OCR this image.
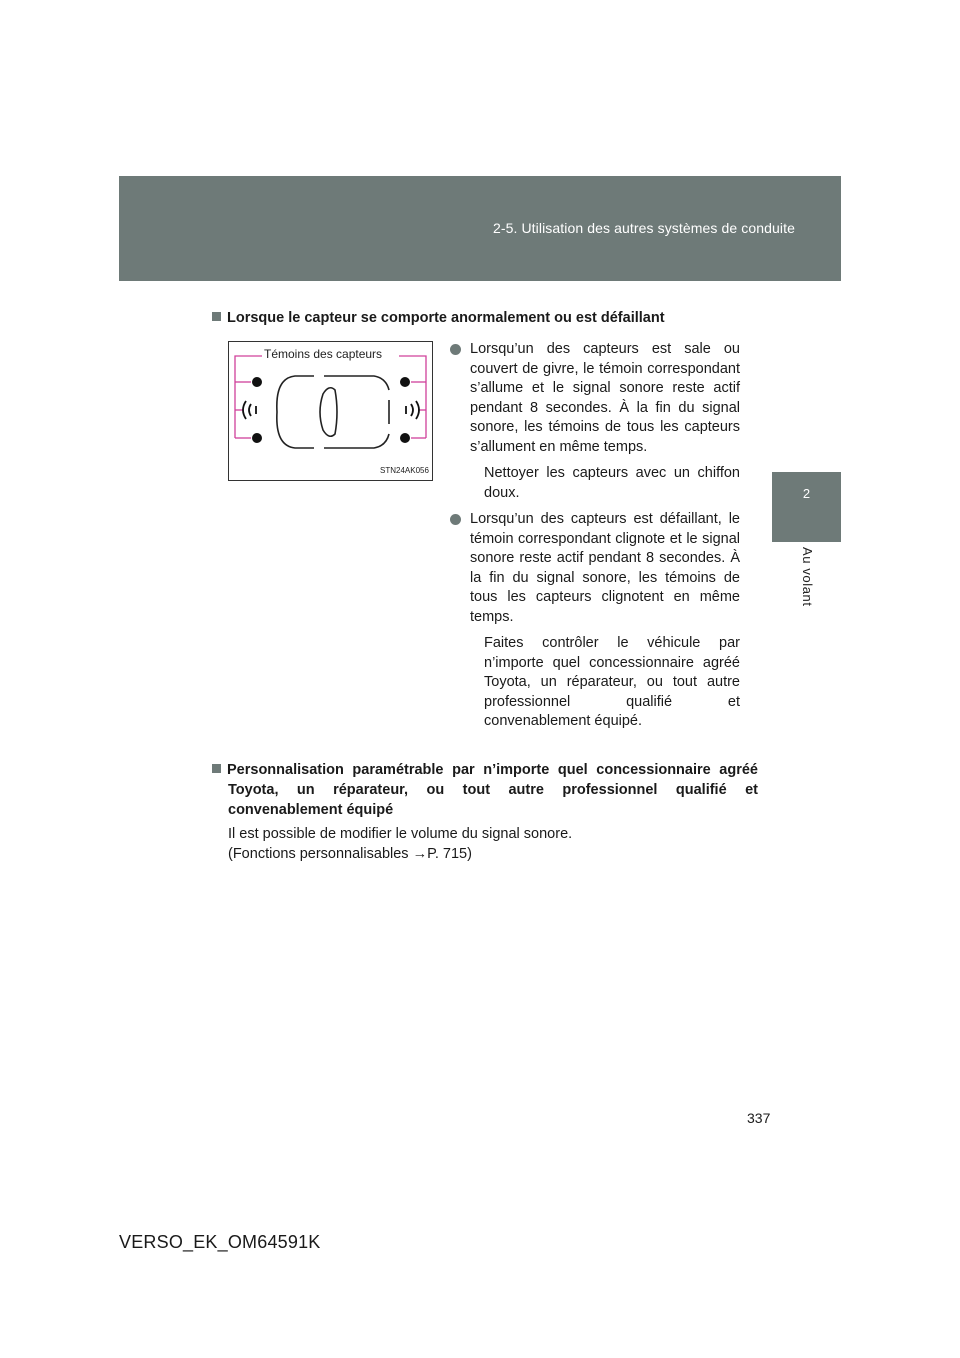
2-5. Utilisation des autres systèmes de conduite
2
Au volant
Lorsque le capteur se comporte anormalement ou est défaillant
Témoins des capteurs
STN24AK056
Lorsqu’un des capteurs est sale ou couvert de givre, le témoin correspondant s’allume et le signal sonore reste actif pendant 8 secondes. À la fin du signal sonore, les témoins de tous les capteurs s’allument en même temps.
Nettoyer les capteurs avec un chiffon doux.
Lorsqu’un des capteurs est défaillant, le témoin correspondant clignote et le signal sonore reste actif pendant 8 secondes. À la fin du signal sonore, les témoins de tous les capteurs clignotent en même temps.
Faites contrôler le véhicule par n’importe quel concessionnaire agréé Toyota, un réparateur, ou tout autre professionnel qualifié et convenablement équipé.
Personnalisation paramétrable par n’importe quel concessionnaire agréé Toyota, un réparateur, ou tout autre professionnel qualifié et convenablement équipé
Il est possible de modifier le volume du signal sonore.
(Fonctions personnalisables →P. 715)
337
VERSO_EK_OM64591K
